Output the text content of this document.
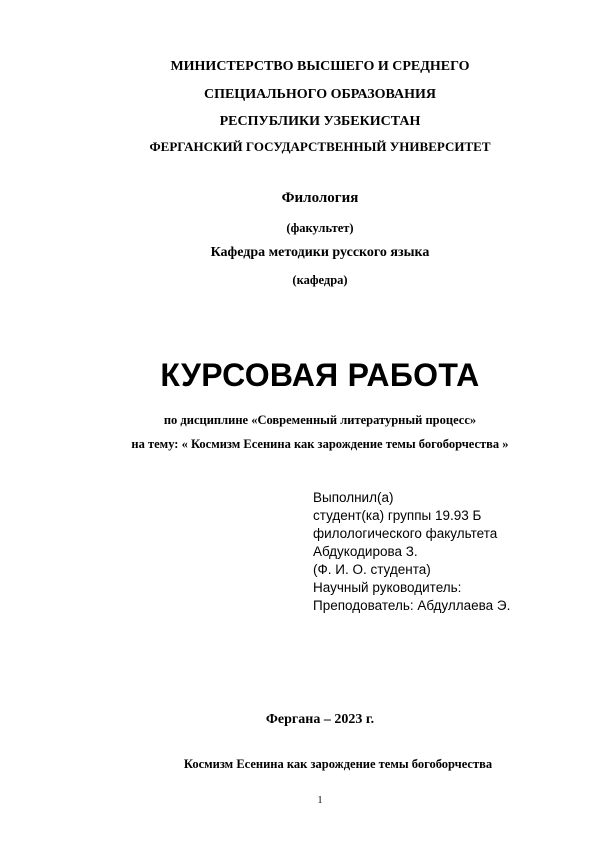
МИНИСТЕРСТВО ВЫСШЕГО И СРЕДНЕГО
СПЕЦИАЛЬНОГО ОБРАЗОВАНИЯ
РЕСПУБЛИКИ УЗБЕКИСТАН
ФЕРГАНСКИЙ ГОСУДАРСТВЕННЫЙ УНИВЕРСИТЕТ
Филология
(факультет)
Кафедра методики русского языка
(кафедра)
КУРСОВАЯ РАБОТА
по дисциплине «Современный литературный процесс»
на тему: « Космизм Есенина как зарождение темы богоборчества »
Выполнил(а)
студент(ка) группы 19.93 Б
филологического факультета
Абдукодирова З.
(Ф. И. О. студента)
Научный руководитель:
Преподователь: Абдуллаева Э.
Фергана – 2023 г.
Космизм Есенина как зарождение темы богоборчества
1
